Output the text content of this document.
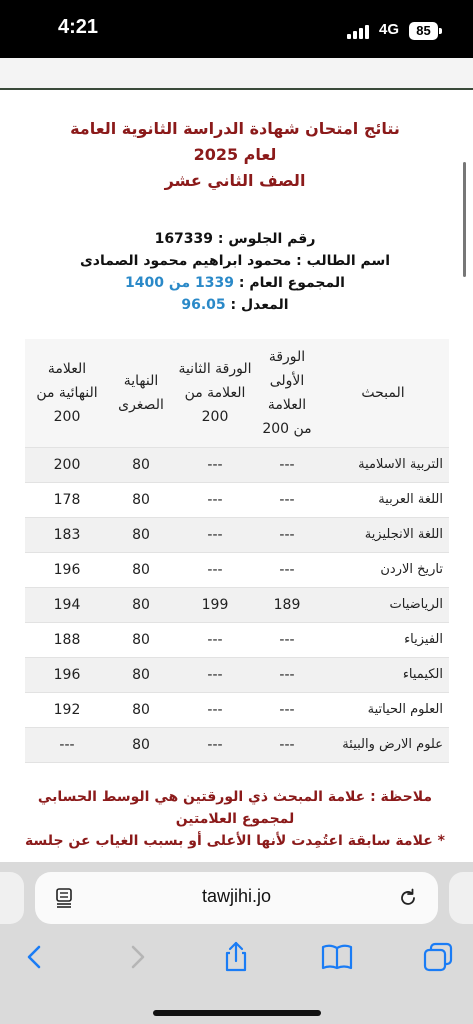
4:21	4G	85
نتائج امتحان شهادة الدراسة الثانوية العامة
لعام 2025
الصف الثاني عشر
رقم الجلوس : 167339
اسم الطالب : محمود ابراهيم محمود الصمادى
المجموع العام : 1339 من 1400
المعدل : 96.05
المبحث	الورقة الأولى العلامة من 200	الورقة الثانية العلامة من 200	النهاية الصغرى	العلامة النهائية من 200
التربية الاسلامية	---	---	80	200
اللغة العربية	---	---	80	178
اللغة الانجليزية	---	---	80	183
تاريخ الاردن	---	---	80	196
الرياضيات	189	199	80	194
الفيزياء	---	---	80	188
الكيمياء	---	---	80	196
العلوم الحياتية	---	---	80	192
علوم الارض والبيئة	---	---	80	---
ملاحظة : علامة المبحث ذي الورقتين هي الوسط الحسابي لمجموع العلامتين
* علامة سابقة اعتُمِدت لأنها الأعلى أو بسبب الغياب عن جلسة
tawjihi.jo
